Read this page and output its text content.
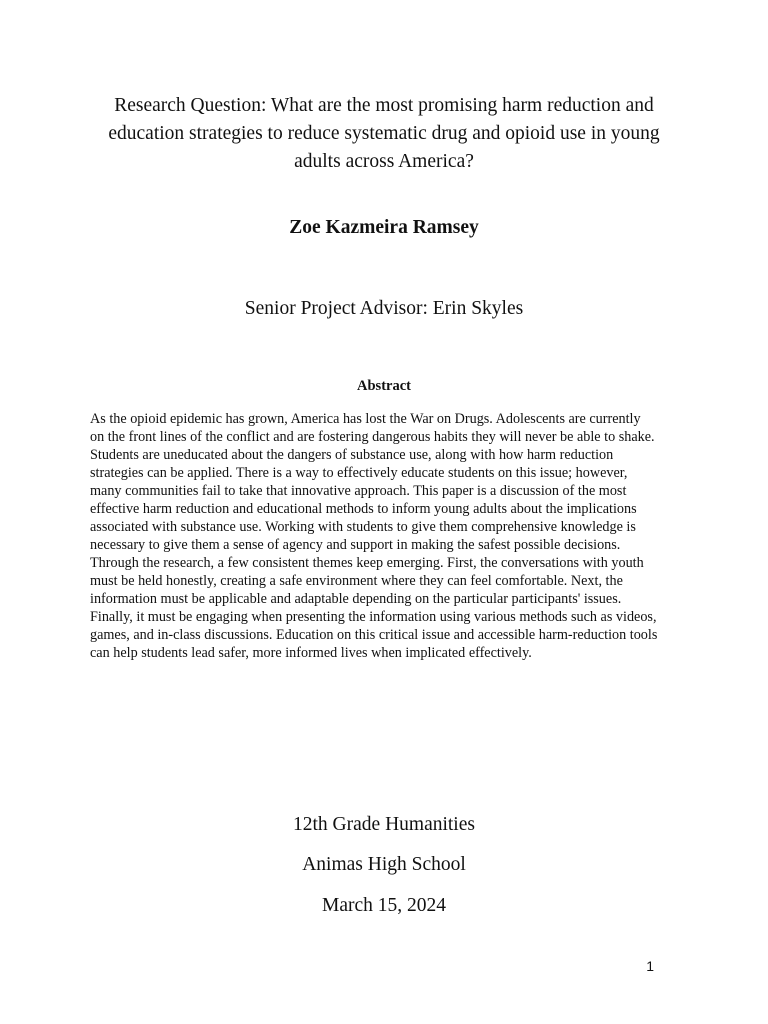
Research Question: What are the most promising harm reduction and education strategies to reduce systematic drug and opioid use in young adults across America?

Zoe Kazmeira Ramsey

Senior Project Advisor: Erin Skyles

Abstract

As the opioid epidemic has grown, America has lost the War on Drugs. Adolescents are currently on the front lines of the conflict and are fostering dangerous habits they will never be able to shake. Students are uneducated about the dangers of substance use, along with how harm reduction strategies can be applied. There is a way to effectively educate students on this issue; however, many communities fail to take that innovative approach. This paper is a discussion of the most effective harm reduction and educational methods to inform young adults about the implications associated with substance use. Working with students to give them comprehensive knowledge is necessary to give them a sense of agency and support in making the safest possible decisions. Through the research, a few consistent themes keep emerging. First, the conversations with youth must be held honestly, creating a safe environment where they can feel comfortable. Next, the information must be applicable and adaptable depending on the particular participants' issues. Finally, it must be engaging when presenting the information using various methods such as videos, games, and in-class discussions. Education on this critical issue and accessible harm-reduction tools can help students lead safer, more informed lives when implicated effectively.

12th Grade Humanities

Animas High School

March 15, 2024

1
